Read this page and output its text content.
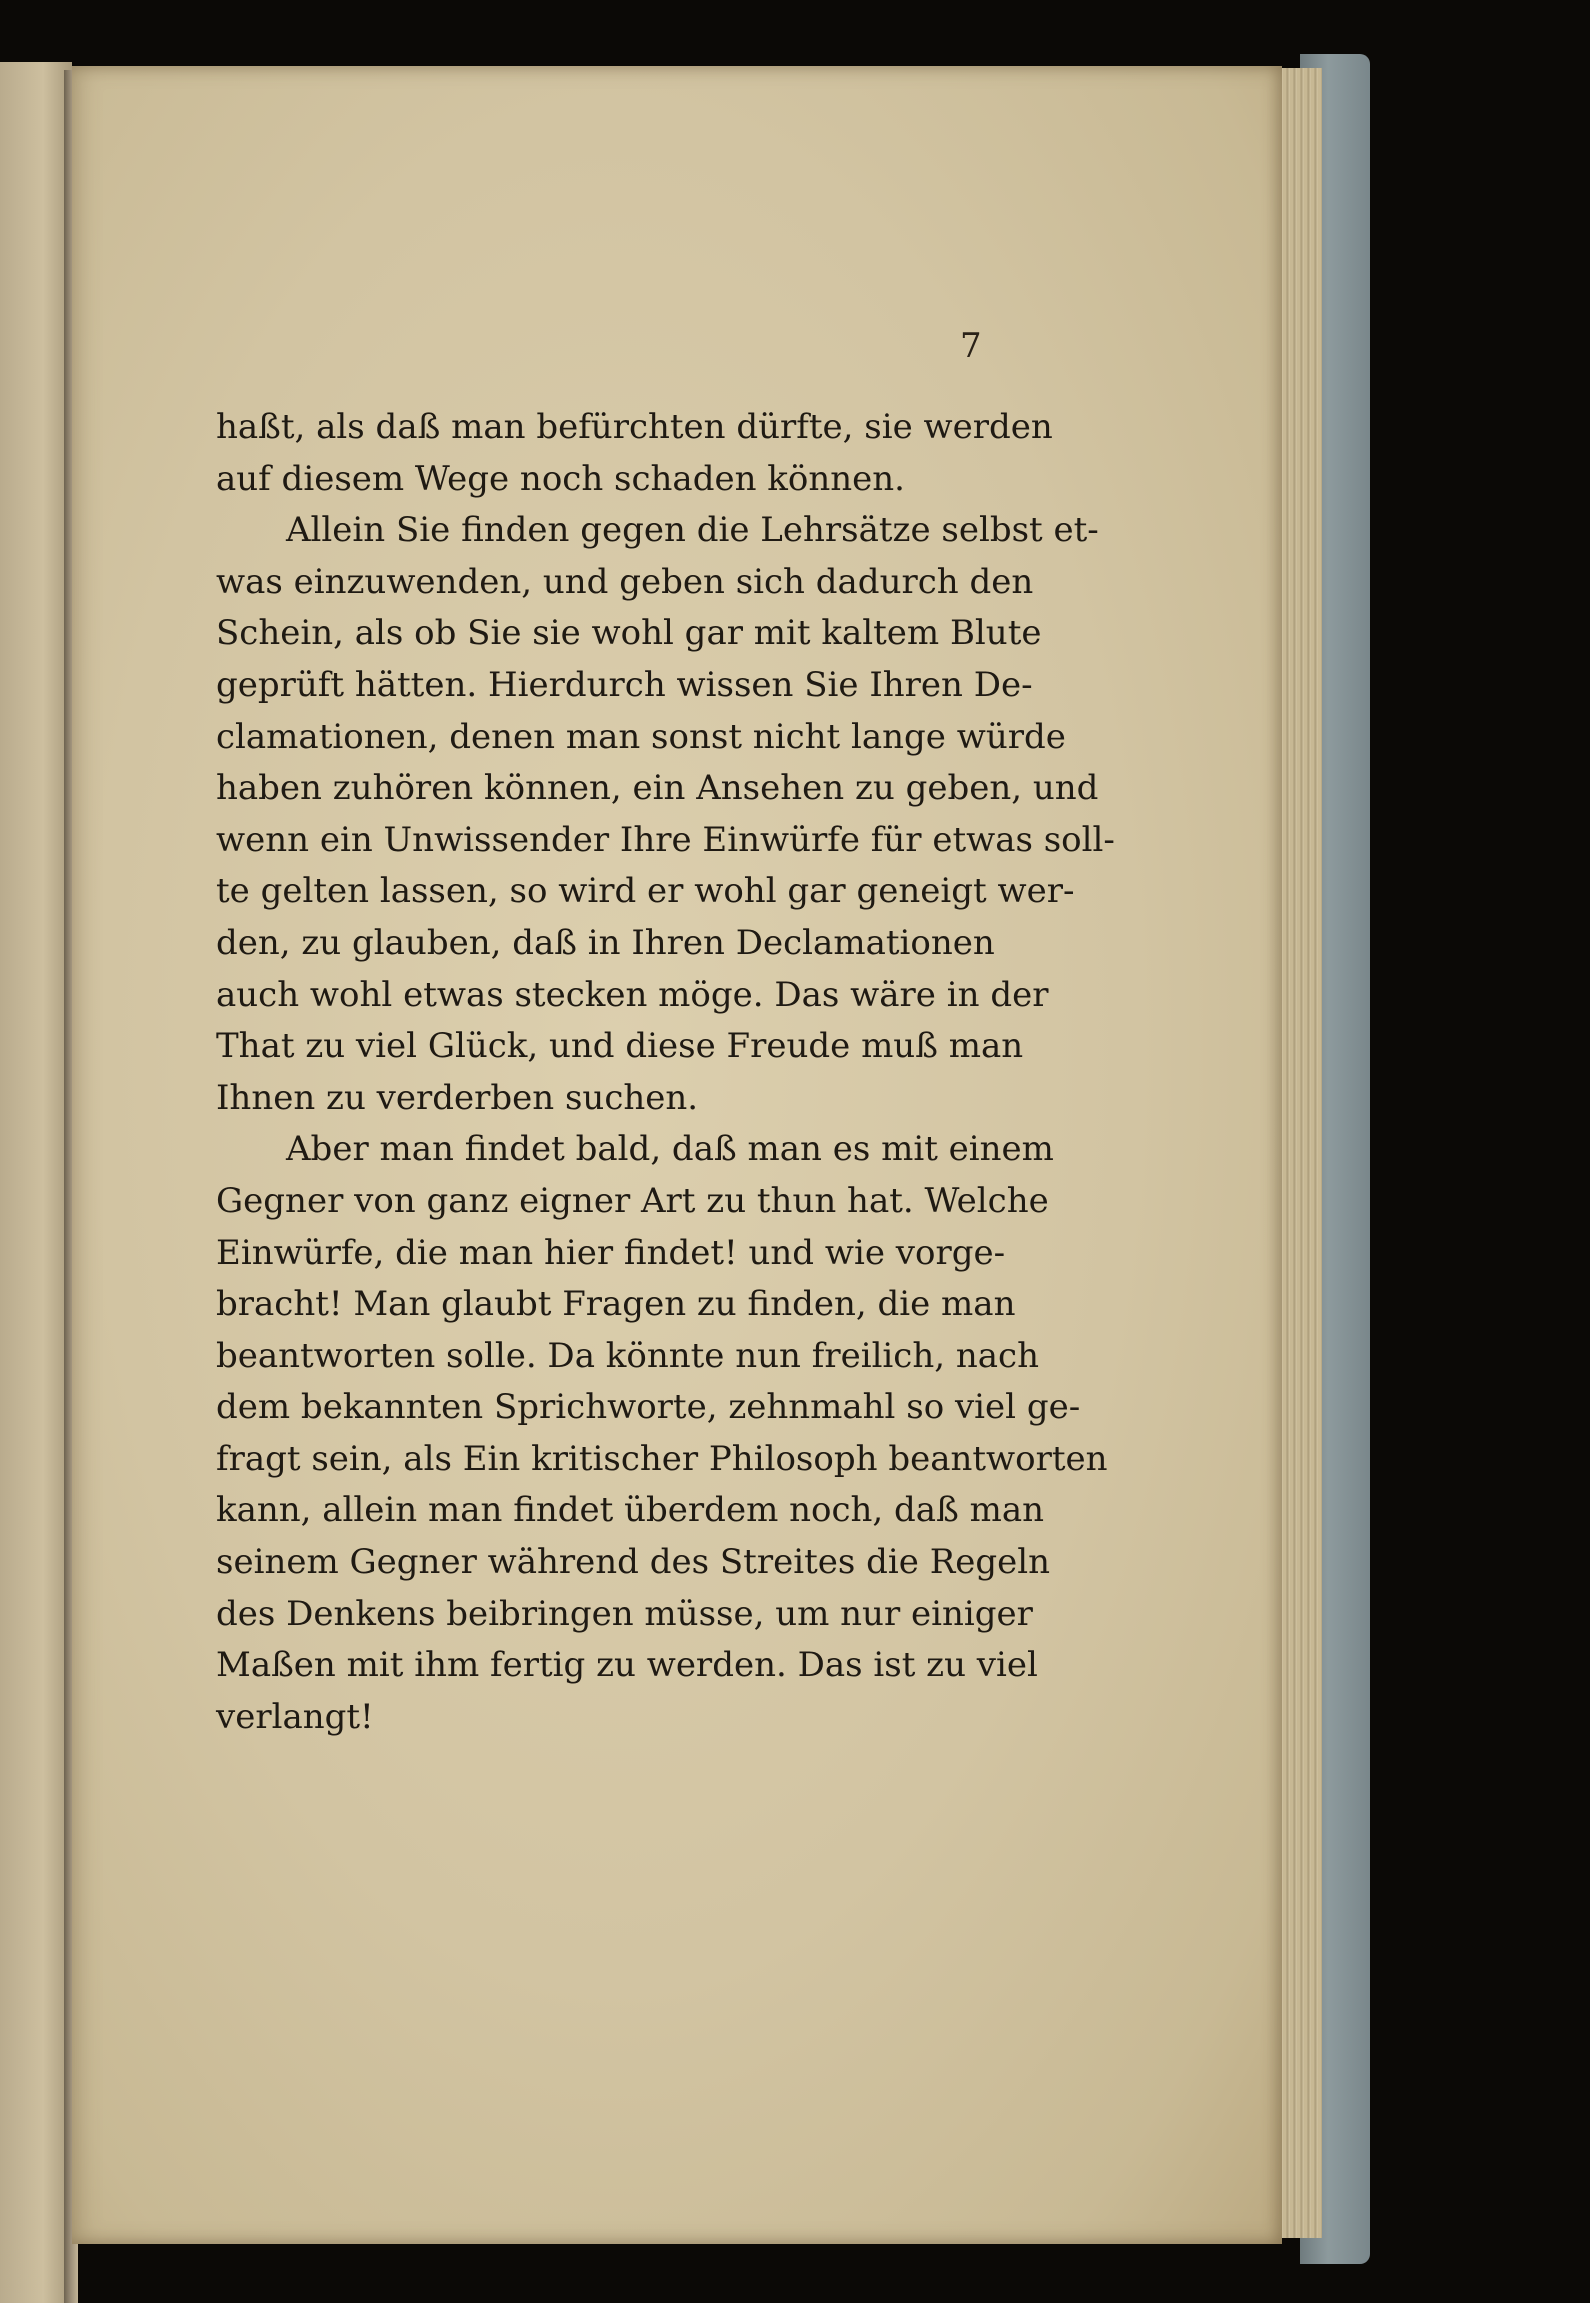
7
haßt, als daß man befürchten dürfte, sie werden
auf diesem Wege noch schaden können.
Allein Sie finden gegen die Lehrsätze selbst et-
was einzuwenden, und geben sich dadurch den
Schein, als ob Sie sie wohl gar mit kaltem Blute
geprüft hätten. Hierdurch wissen Sie Ihren De-
clamationen, denen man sonst nicht lange würde
haben zuhören können, ein Ansehen zu geben, und
wenn ein Unwissender Ihre Einwürfe für etwas soll-
te gelten lassen, so wird er wohl gar geneigt wer-
den, zu glauben, daß in Ihren Declamationen
auch wohl etwas stecken möge. Das wäre in der
That zu viel Glück, und diese Freude muß man
Ihnen zu verderben suchen.
Aber man findet bald, daß man es mit einem
Gegner von ganz eigner Art zu thun hat. Welche
Einwürfe, die man hier findet! und wie vorge-
bracht! Man glaubt Fragen zu finden, die man
beantworten solle. Da könnte nun freilich, nach
dem bekannten Sprichworte, zehnmahl so viel ge-
fragt sein, als Ein kritischer Philosoph beantworten
kann, allein man findet überdem noch, daß man
seinem Gegner während des Streites die Regeln
des Denkens beibringen müsse, um nur einiger
Maßen mit ihm fertig zu werden. Das ist zu viel
verlangt!
